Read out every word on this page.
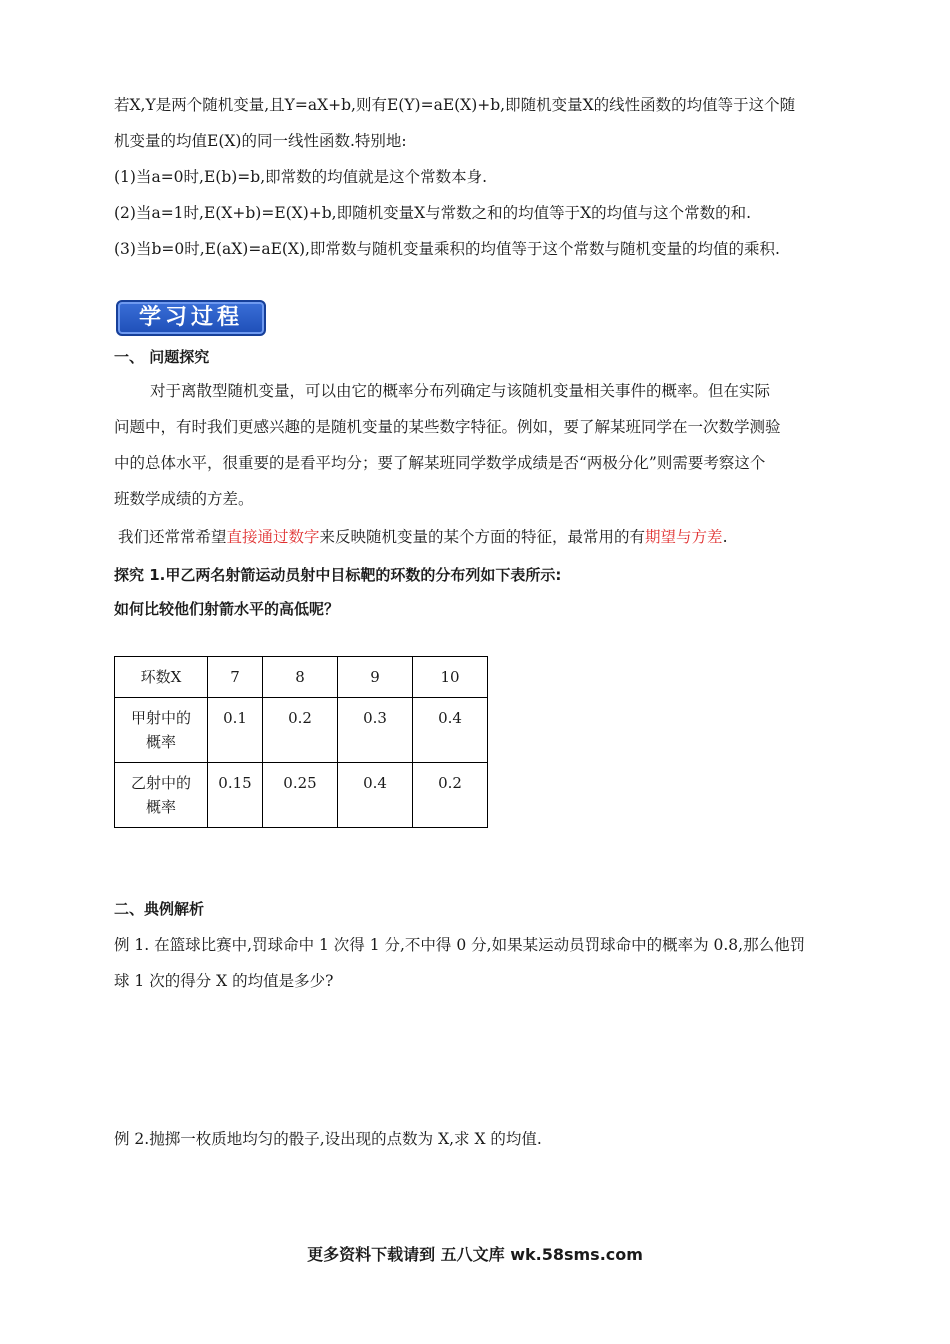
若X,Y是两个随机变量,且Y=aX+b,则有E(Y)=aE(X)+b,即随机变量X的线性函数的均值等于这个随
机变量的均值E(X)的同一线性函数.特别地:
(1)当a=0时,E(b)=b,即常数的均值就是这个常数本身.
(2)当a=1时,E(X+b)=E(X)+b,即随机变量X与常数之和的均值等于X的均值与这个常数的和.
(3)当b=0时,E(aX)=aE(X),即常数与随机变量乘积的均值等于这个常数与随机变量的均值的乘积.
学习过程
一、 问题探究
对于离散型随机变量，可以由它的概率分布列确定与该随机变量相关事件的概率。但在实际
问题中，有时我们更感兴趣的是随机变量的某些数字特征。例如，要了解某班同学在一次数学测验
中的总体水平，很重要的是看平均分；要了解某班同学数学成绩是否“两极分化”则需要考察这个
班数学成绩的方差。
我们还常常希望直接通过数字来反映随机变量的某个方面的特征，最常用的有期望与方差.
探究 1.甲乙两名射箭运动员射中目标靶的环数的分布列如下表所示:
如何比较他们射箭水平的高低呢？
环数X	7	8	9	10

甲射中的
概率	0.1	0.2	0.3	0.4

乙射中的
概率	0.15	0.25	0.4	0.2
二、典例解析
例 1. 在篮球比赛中,罚球命中 1 次得 1 分,不中得 0 分,如果某运动员罚球命中的概率为 0.8,那么他罚
球 1 次的得分 X 的均值是多少?
例 2.抛掷一枚质地均匀的骰子,设出现的点数为 X,求 X 的均值.
更多资料下载请到 五八文库 wk.58sms.com
